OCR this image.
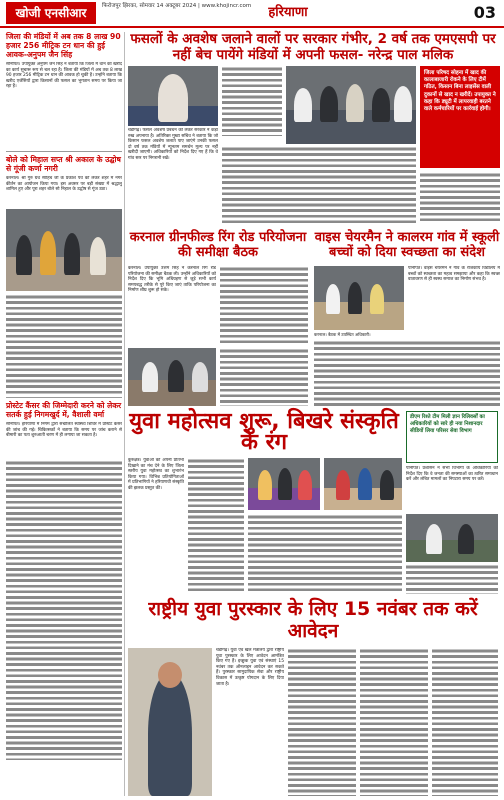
खोजी एनसीआर	फिरोजपुर झिरका, सोमवार 14 अक्टूबर 2024 | www.khojincr.com	हरियाणा	03
जिला की मंडियों में अब तक 8 लाख 90 हजार 256 मीट्रिक टन धान की हुई आवक-अनुपम जैन सिंह
सोनीपत। उपायुक्त अनुपम जैन सिंह ने बताया कि जिला में धान की खरीद का कार्य सुचारू रूप से चल रहा है। जिला की मंडियों में अब तक 8 लाख 90 हजार 256 मीट्रिक टन धान की आवक हो चुकी है। उन्होंने बताया कि खरीद एजेंसियों द्वारा किसानों की फसल का भुगतान समय पर किया जा रहा है।
बोले को मिहाल सप्त श्री अकाल के उद्घोष से गूंजी कर्णा नगरी
करनाल। श्री गुरु ग्रंथ साहिब जी के प्रकाश पर्व को लेकर शहर में नगर कीर्तन का आयोजन किया गया। इस अवसर पर बड़ी संख्या में श्रद्धालु शामिल हुए और पूरा शहर बोले सो निहाल के उद्घोष से गूंज उठा।
प्रोस्टेट कैंसर की जिम्मेदारी करने को लेकर सतर्क हुई निगमखुर्द में, वैशाली वर्मा
सोनीपत। हरियाणा में निगम द्वारा संचालित स्वास्थ्य शिविर में प्रोस्टेट कैंसर की जांच की गई। चिकित्सकों ने बताया कि समय पर जांच कराने से बीमारी का पता शुरुआती चरण में ही लगाया जा सकता है।
फसलों के अवशेष जलाने वालों पर सरकार गंभीर, 2 वर्ष तक एमएसपी पर नहीं बेच पायेंगे मंडियों में अपनी फसल- नरेन्द्र पाल मलिक
चंडीगढ़। फसल अवशेष प्रबंधन को लेकर सरकार ने कड़ा रुख अपनाया है। अतिरिक्त मुख्य सचिव ने बताया कि जो किसान फसल अवशेष जलाते पाए जाएंगे उनकी फसल दो वर्ष तक मंडियों में न्यूनतम समर्थन मूल्य पर नहीं खरीदी जाएगी। अधिकारियों को निर्देश दिए गए हैं कि वे गांव स्तर पर निगरानी रखें।
जिला परिषद सोहना में खाद की कालाबाजारी रोकने के लिए टीमें गठित, किसान बिना लाइसेंस वाली दुकानों से खाद न खरीदें। उपायुक्त ने कहा कि ड्यूटी में लापरवाही बरतने वाले कर्मचारियों पर कार्रवाई होगी।
करनाल ग्रीनफील्ड रिंग रोड परियोजना की समीक्षा बैठक
वाइस चेयरमैन ने कालरम गांव में स्कूली बच्चों को दिया स्वच्छता का संदेश
करनाल। उपायुक्त उत्तम सिंह ने करनाल रिंग रोड परियोजना की समीक्षा बैठक ली। उन्होंने अधिकारियों को निर्देश दिए कि भूमि अधिग्रहण से जुड़े सभी कार्य समयबद्ध तरीके से पूरे किए जाएं ताकि परियोजना का निर्माण शीघ्र शुरू हो सके।
करनाल। बैठक में उपस्थित अधिकारी।
पानीपत। वाइस चेयरमैन ने गांव के राजकीय विद्यालय में बच्चों को स्वच्छता का महत्व समझाया और कहा कि स्वच्छ वातावरण से ही स्वस्थ समाज का निर्माण संभव है।
युवा महोत्सव शुरू, बिखरे संस्कृति के रंग
डीएम रिश्ते टीम मिली ज्ञान रिलिवर्सों का अधिकारियों को सारे ही नया निशानदार सीडियों लिया परिसर सेवा विभाग
कुरुक्षेत्र। युवाओं को अपनी प्रतिभा दिखाने का मंच देने के लिए जिला स्तरीय युवा महोत्सव का शुभारंभ किया गया। विभिन्न प्रतियोगिताओं में प्रतिभागियों ने हरियाणवी संस्कृति की झलक प्रस्तुत की।
पानीपत। प्रशासन ने सभी विभागों के अधिकारियों को निर्देश दिए कि वे जनता की समस्याओं का त्वरित समाधान करें और लंबित मामलों का निपटारा समय पर करें।
राष्ट्रीय युवा पुरस्कार के लिए 15 नवंबर तक करें आवेदन
चंडीगढ़। युवा एवं खेल मंत्रालय द्वारा राष्ट्रीय युवा पुरस्कार के लिए आवेदन आमंत्रित किए गए हैं। इच्छुक युवा एवं संस्थाएं 15 नवंबर तक ऑनलाइन आवेदन कर सकते हैं। पुरस्कार सामुदायिक सेवा और राष्ट्रीय विकास में उत्कृष्ट योगदान के लिए दिया जाता है।
